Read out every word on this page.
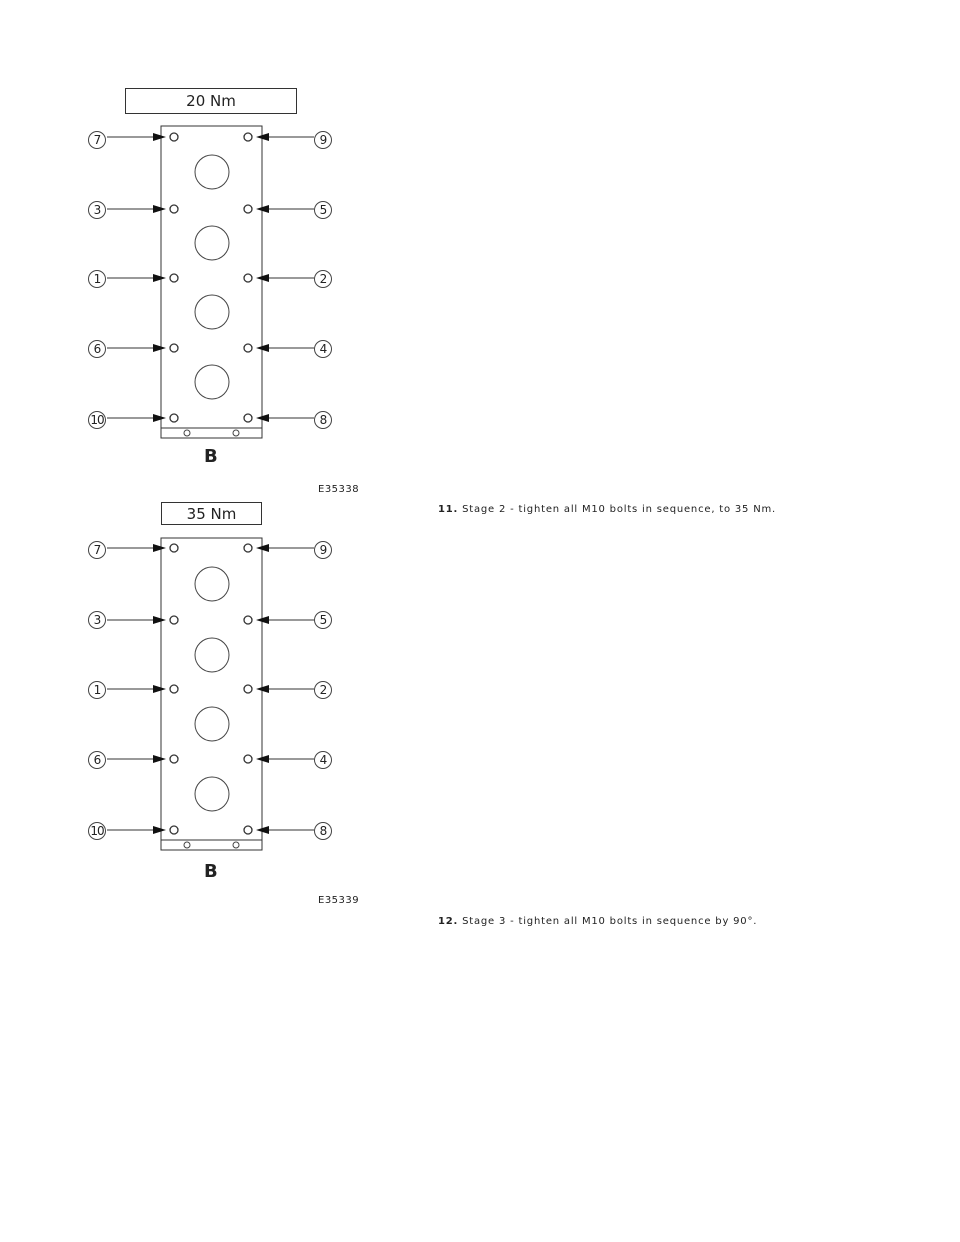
20 Nm
7
3
1
6
10
9
5
2
4
8
B
E35338
11. Stage 2 - tighten all M10 bolts in sequence, to 35 Nm.
35 Nm
7
3
1
6
10
9
5
2
4
8
B
E35339
12. Stage 3 - tighten all M10 bolts in sequence by 90°.
